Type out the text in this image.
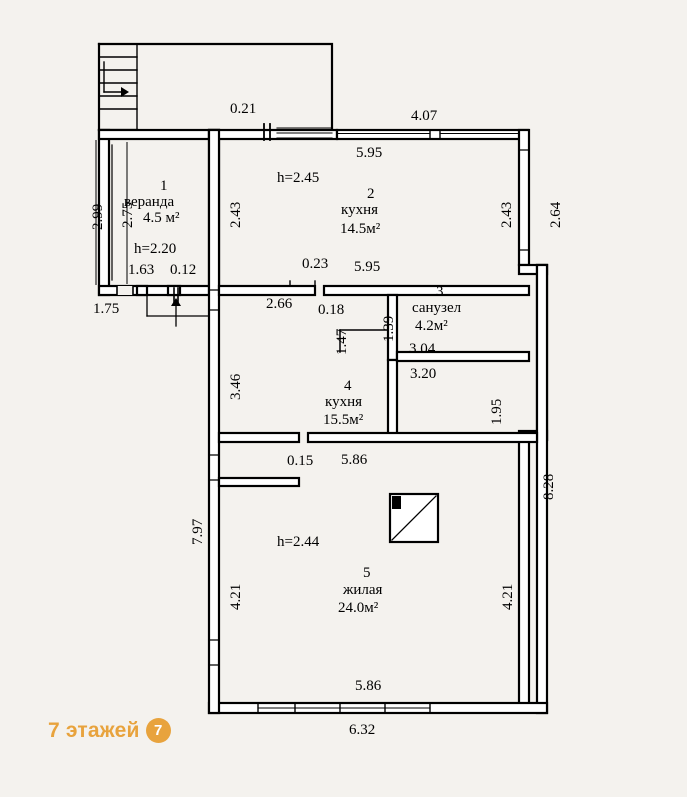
0.21	4.07
5.95
1
веранда
4.5 м²
h=2.20
h=2.45
2
кухня
14.5м²
3
санузел
4.2м²
4
кухня
15.5м²
h=2.44
5
жилая
24.0м²
2.99 2.75	2.43	2.43 2.64
1.63 0.12
1.75
0.23 5.95
2.66 0.18
1.39
1.47	3.04
3.20
3.46
1.95
8.28
0.15 5.86
7.97
4.21	4.21
5.86
6.32
7 этажей 7
